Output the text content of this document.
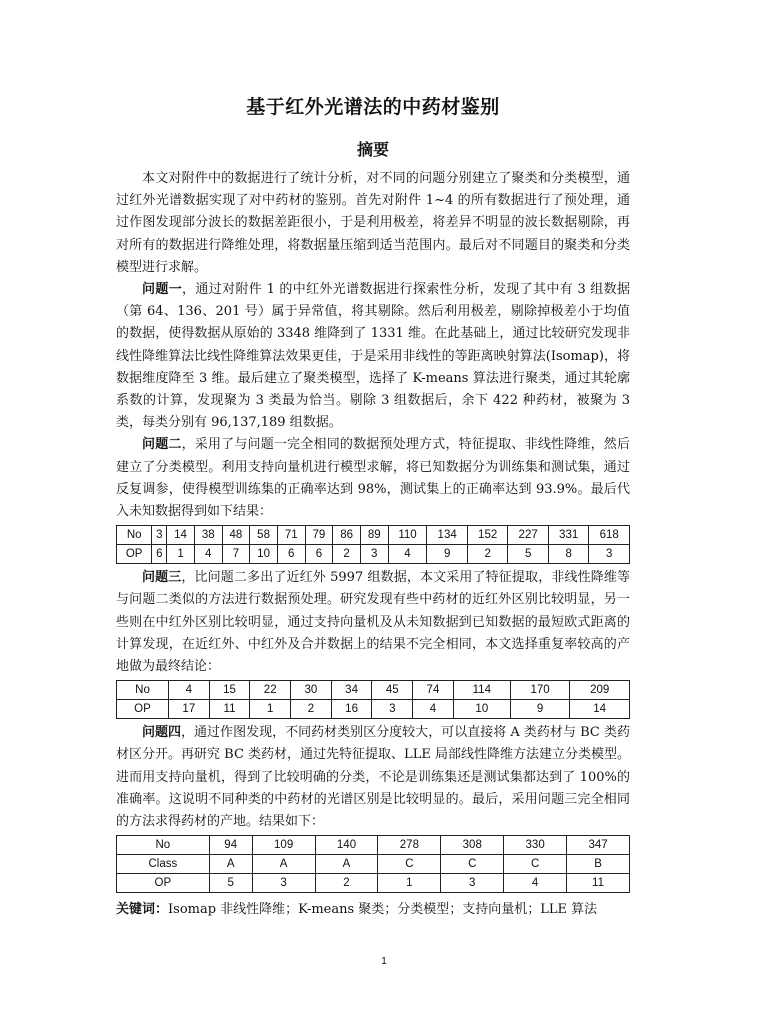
基于红外光谱法的中药材鉴别
摘要

本文对附件中的数据进行了统计分析，对不同的问题分别建立了聚类和分类模型，通过红外光谱数据实现了对中药材的鉴别。首先对附件 1~4 的所有数据进行了预处理，通过作图发现部分波长的数据差距很小，于是利用极差，将差异不明显的波长数据剔除，再对所有的数据进行降维处理，将数据量压缩到适当范围内。最后对不同题目的聚类和分类模型进行求解。

问题一，通过对附件 1 的中红外光谱数据进行探索性分析，发现了其中有 3 组数据（第 64、136、201 号）属于异常值，将其剔除。然后利用极差，剔除掉极差小于均值的数据，使得数据从原始的 3348 维降到了 1331 维。在此基础上，通过比较研究发现非线性降维算法比线性降维算法效果更佳，于是采用非线性的等距离映射算法(Isomap)，将数据维度降至 3 维。最后建立了聚类模型，选择了 K-means 算法进行聚类，通过其轮廓系数的计算，发现聚为 3 类最为恰当。剔除 3 组数据后，余下 422 种药材，被聚为 3 类，每类分别有 96,137,189 组数据。

问题二，采用了与问题一完全相同的数据预处理方式，特征提取、非线性降维，然后建立了分类模型。利用支持向量机进行模型求解，将已知数据分为训练集和测试集，通过反复调参，使得模型训练集的正确率达到 98%，测试集上的正确率达到 93.9%。最后代入未知数据得到如下结果：

No	3	14	38	48	58	71	79	86	89	110	134	152	227	331	618
OP	6	1	4	7	10	6	6	2	3	4	9	2	5	8	3

问题三，比问题二多出了近红外 5997 组数据，本文采用了特征提取，非线性降维等与问题二类似的方法进行数据预处理。研究发现有些中药材的近红外区别比较明显，另一些则在中红外区别比较明显，通过支持向量机及从未知数据到已知数据的最短欧式距离的计算发现，在近红外、中红外及合并数据上的结果不完全相同，本文选择重复率较高的产地做为最终结论：

No	4	15	22	30	34	45	74	114	170	209
OP	17	11	1	2	16	3	4	10	9	14

问题四，通过作图发现，不同药材类别区分度较大，可以直接将 A 类药材与 BC 类药材区分开。再研究 BC 类药材，通过先特征提取、LLE 局部线性降维方法建立分类模型。进而用支持向量机，得到了比较明确的分类，不论是训练集还是测试集都达到了 100%的准确率。这说明不同种类的中药材的光谱区别是比较明显的。最后，采用问题三完全相同的方法求得药材的产地。结果如下：

No	94	109	140	278	308	330	347
Class	A	A	A	C	C	C	B
OP	5	3	2	1	3	4	11
关键词：Isomap 非线性降维；K-means 聚类；分类模型；支持向量机；LLE 算法
1
